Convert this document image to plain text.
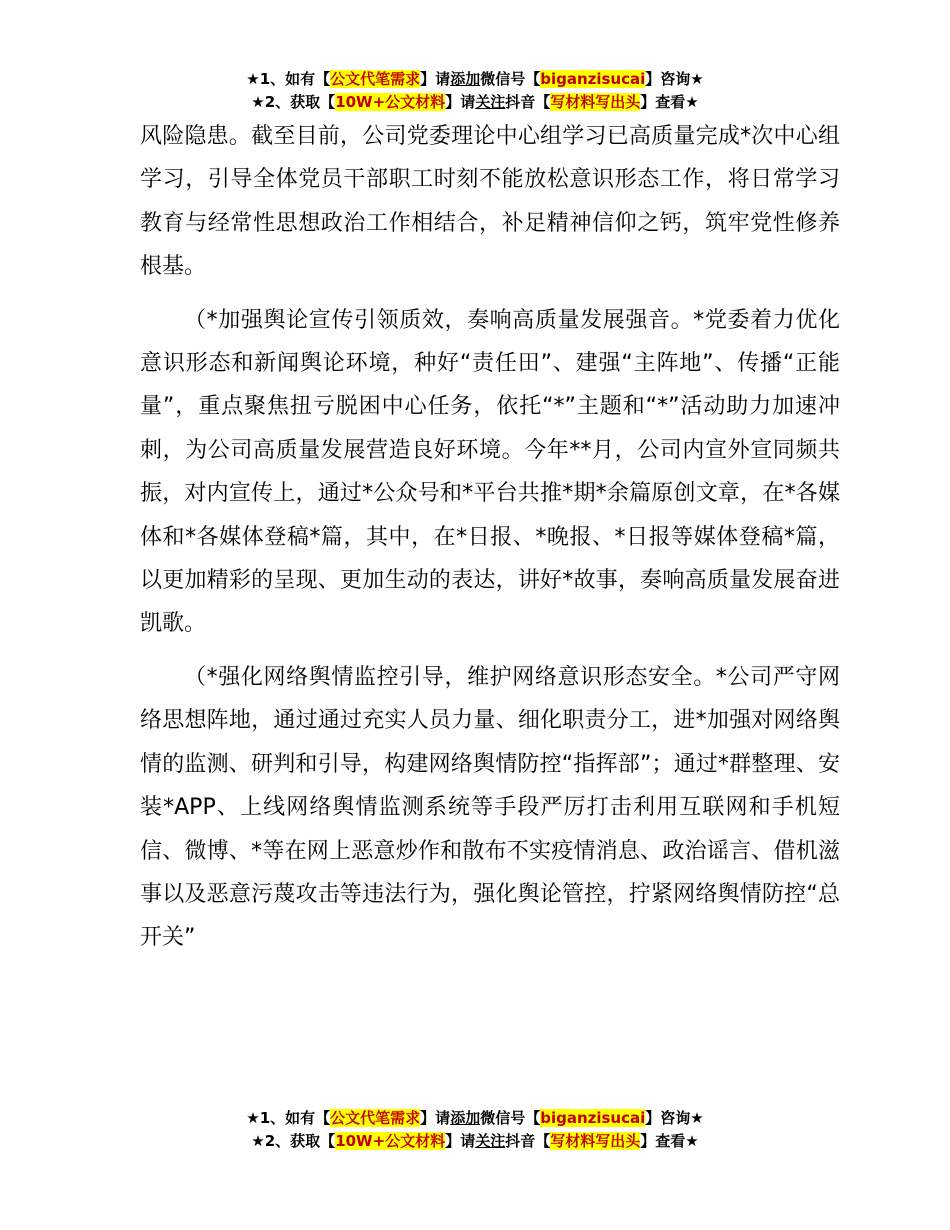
★1、如有【公文代笔需求】请添加微信号【biganzisucai】咨询★
★2、获取【10W+公文材料】请关注抖音【写材料写出头】查看★

风险隐患。截至目前，公司党委理论中心组学习已高质量完成*次中心组学习，引导全体党员干部职工时刻不能放松意识形态工作，将日常学习教育与经常性思想政治工作相结合，补足精神信仰之钙，筑牢党性修养根基。

（*加强舆论宣传引领质效，奏响高质量发展强音。*党委着力优化意识形态和新闻舆论环境，种好“责任田”、建强“主阵地”、传播“正能量”，重点聚焦扭亏脱困中心任务，依托“*”主题和“*”活动助力加速冲刺，为公司高质量发展营造良好环境。今年**月，公司内宣外宣同频共振，对内宣传上，通过*公众号和*平台共推*期*余篇原创文章，在*各媒体和*各媒体登稿*篇，其中，在*日报、*晚报、*日报等媒体登稿*篇，以更加精彩的呈现、更加生动的表达，讲好*故事，奏响高质量发展奋进凯歌。

（*强化网络舆情监控引导，维护网络意识形态安全。*公司严守网络思想阵地，通过通过充实人员力量、细化职责分工，进*加强对网络舆情的监测、研判和引导，构建网络舆情防控“指挥部”；通过*群整理、安装*APP、上线网络舆情监测系统等手段严厉打击利用互联网和手机短信、微博、*等在网上恶意炒作和散布不实疫情消息、政治谣言、借机滋事以及恶意污蔑攻击等违法行为，强化舆论管控，拧紧网络舆情防控“总开关”

★1、如有【公文代笔需求】请添加微信号【biganzisucai】咨询★
★2、获取【10W+公文材料】请关注抖音【写材料写出头】查看★
